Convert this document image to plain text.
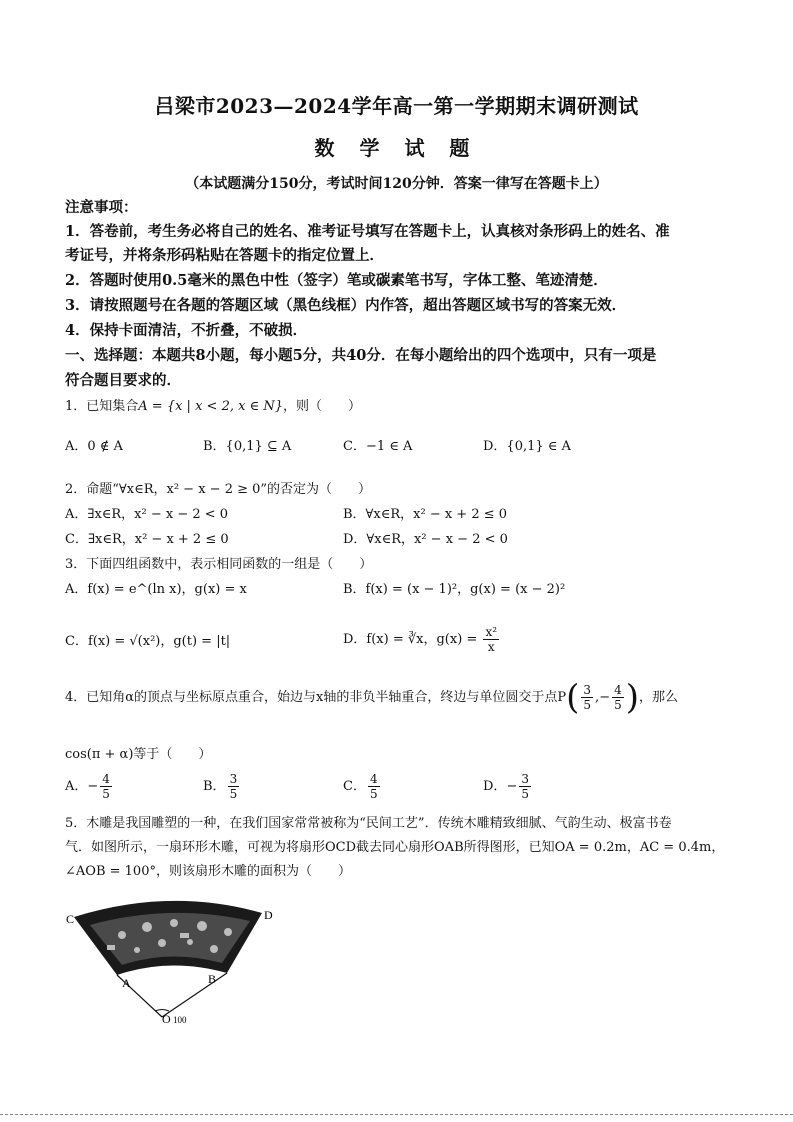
吕梁市2023—2024学年高一第一学期期末调研测试
数 学 试 题
（本试题满分150分，考试时间120分钟．答案一律写在答题卡上）
注意事项：
1．答卷前，考生务必将自己的姓名、准考证号填写在答题卡上，认真核对条形码上的姓名、准
考证号，并将条形码粘贴在答题卡的指定位置上．
2．答题时使用0.5毫米的黑色中性（签字）笔或碳素笔书写，字体工整、笔迹清楚．
3．请按照题号在各题的答题区域（黑色线框）内作答，超出答题区域书写的答案无效．
4．保持卡面清洁，不折叠，不破损．
一、选择题：本题共8小题，每小题5分，共40分．在每小题给出的四个选项中，只有一项是
符合题目要求的．
1．已知集合A = {x | x < 2, x ∈ N}，则（　　）
A．0 ∉ A	B．{0,1} ⊆ A	C．−1 ∈ A	D．{0,1} ∈ A
2．命题“∀x∈R，x² − x − 2 ≥ 0”的否定为（　　）
A．∃x∈R，x² − x − 2 < 0	B．∀x∈R，x² − x + 2 ≤ 0
C．∃x∈R，x² − x + 2 ≤ 0	D．∀x∈R，x² − x − 2 < 0
3．下面四组函数中，表示相同函数的一组是（　　）
A．f(x) = e^(ln x)，g(x) = x	B．f(x) = (x − 1)²，g(x) = (x − 2)²
C．f(x) = √(x²)，g(t) = |t|	D．f(x) = ∛x，$g(x) = \frac{\text{x²}}{x}$
4．已知角α的顶点与坐标原点重合，始边与x轴的非负半轴重合，终边与单位圆交于点$P( \frac{3}{5}$ ,− $\frac{4}{5}$ )，那么
cos(π + α)等于（　　）
A．− $\frac{4}{5}$	B． $\frac{3}{5}$	C． $\frac{4}{5}$	D．− $\frac{3}{5}$
5．木雕是我国雕塑的一种，在我们国家常常被称为“民间工艺”．传统木雕精致细腻、气韵生动、极富书卷
气．如图所示，一扇环形木雕，可视为将扇形OCD截去同心扇形OAB所得图形，已知OA = 0.2m，AC = 0.4m，
∠AOB = 100°，则该扇形木雕的面积为（　　）
C	D
A	B
O 100
